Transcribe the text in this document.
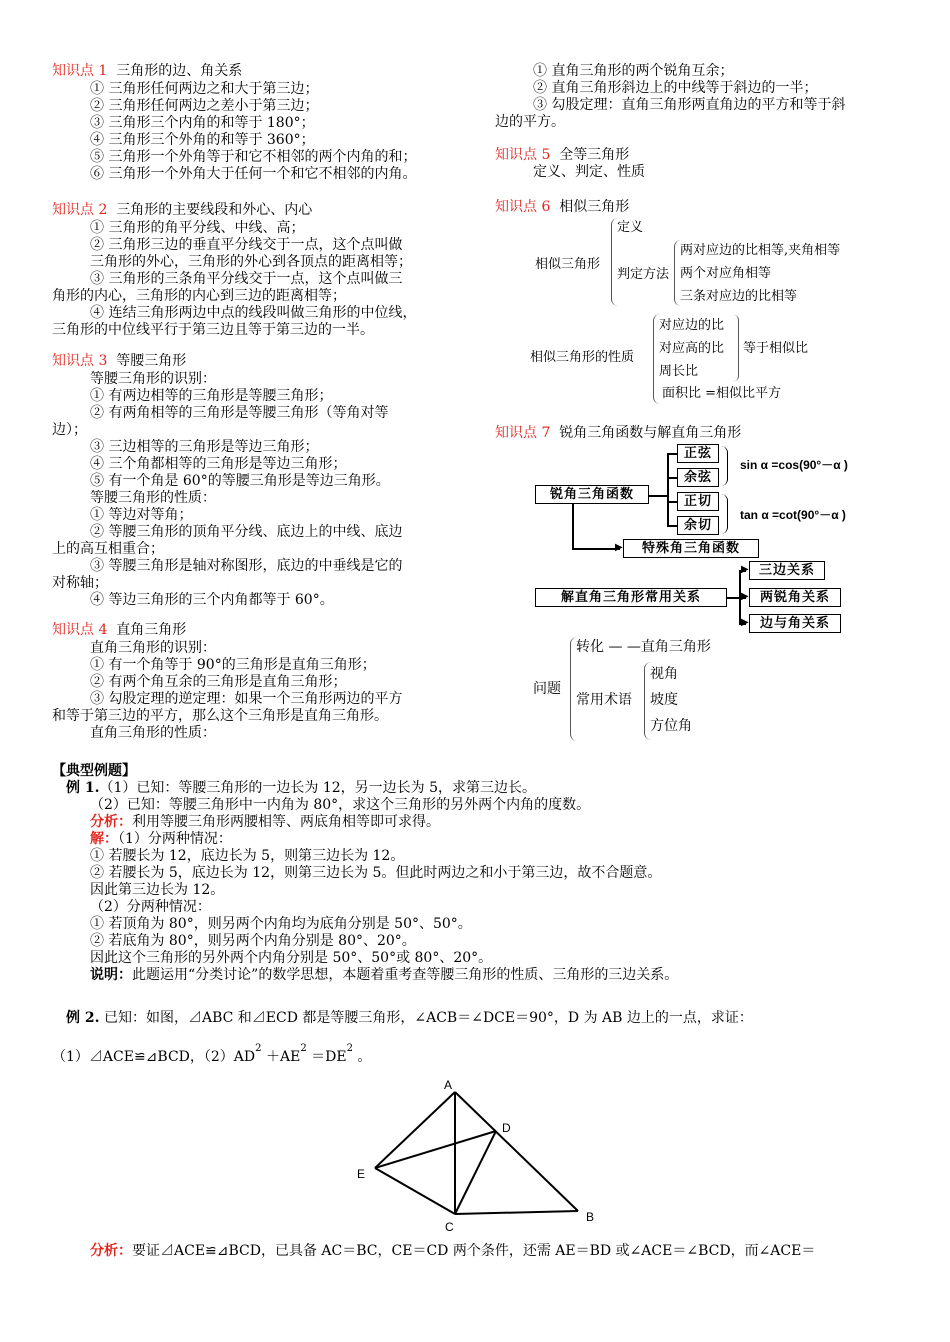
知识点 1 三角形的边、角关系
① 三角形任何两边之和大于第三边；
② 三角形任何两边之差小于第三边；
③ 三角形三个内角的和等于 180°；
④ 三角形三个外角的和等于 360°；
⑤ 三角形一个外角等于和它不相邻的两个内角的和；
⑥ 三角形一个外角大于任何一个和它不相邻的内角。
知识点 2 三角形的主要线段和外心、内心
① 三角形的角平分线、中线、高；
② 三角形三边的垂直平分线交于一点，这个点叫做
三角形的外心，三角形的外心到各顶点的距离相等；
③ 三角形的三条角平分线交于一点，这个点叫做三
角形的内心，三角形的内心到三边的距离相等；
④ 连结三角形两边中点的线段叫做三角形的中位线，
三角形的中位线平行于第三边且等于第三边的一半。
知识点 3 等腰三角形
等腰三角形的识别：
① 有两边相等的三角形是等腰三角形；
② 有两角相等的三角形是等腰三角形（等角对等
边）；
③ 三边相等的三角形是等边三角形；
④ 三个角都相等的三角形是等边三角形；
⑤ 有一个角是 60°的等腰三角形是等边三角形。
等腰三角形的性质：
① 等边对等角；
② 等腰三角形的顶角平分线、底边上的中线、底边
上的高互相重合；
③ 等腰三角形是轴对称图形，底边的中垂线是它的
对称轴；
④ 等边三角形的三个内角都等于 60°。
知识点 4 直角三角形
直角三角形的识别：
① 有一个角等于 90°的三角形是直角三角形；
② 有两个角互余的三角形是直角三角形；
③ 勾股定理的逆定理：如果一个三角形两边的平方
和等于第三边的平方，那么这个三角形是直角三角形。
直角三角形的性质：
① 直角三角形的两个锐角互余；
② 直角三角形斜边上的中线等于斜边的一半；
③ 勾股定理：直角三角形两直角边的平方和等于斜
边的平方。
知识点 5 全等三角形
定义、判定、性质
知识点 6 相似三角形
相似三角形
定义
判定方法
两对应边的比相等,夹角相等
两个对应角相等
三条对应边的比相等
相似三角形的性质
对应边的比
对应高的比
周长比
等于相似比
面积比 =相似比平方
知识点 7 锐角三角函数与解直角三角形
▶
锐角三角函数
正弦
余弦
正切
余切
特殊角三角函数
sin α =cos(90°－α )
tan α =cot(90°－α )
▶
▶
▶
解直角三角形常用关系
三边关系
两锐角关系
边与角关系
问题
转化 — —直角三角形
常用术语
视角
坡度
方位角
【典型例题】
例 1.（1）已知：等腰三角形的一边长为 12，另一边长为 5，求第三边长。
（2）已知：等腰三角形中一内角为 80°，求这个三角形的另外两个内角的度数。
分析：利用等腰三角形两腰相等、两底角相等即可求得。
解：（1）分两种情况：
① 若腰长为 12，底边长为 5，则第三边长为 12。
② 若腰长为 5，底边长为 12，则第三边长为 5。但此时两边之和小于第三边，故不合题意。
因此第三边长为 12。
（2）分两种情况：
① 若顶角为 80°，则另两个内角均为底角分别是 50°、50°。
② 若底角为 80°，则另两个内角分别是 80°、20°。
因此这个三角形的另外两个内角分别是 50°、50°或 80°、20°。
说明：此题运用“分类讨论”的数学思想，本题着重考查等腰三角形的性质、三角形的三边关系。
例 2. 已知：如图，⊿ABC 和⊿ECD 都是等腰三角形，∠ACB＝∠DCE＝90°，D 为 AB 边上的一点，求证：
（1）⊿ACE≌⊿BCD，$(2)AD^2 +AE^2 =DE^2$ 。
A
B
C
D
E
分析：要证⊿ACE≌⊿BCD，已具备 AC＝BC，CE＝CD 两个条件，还需 AE＝BD 或∠ACE＝∠BCD，而∠ACE＝
